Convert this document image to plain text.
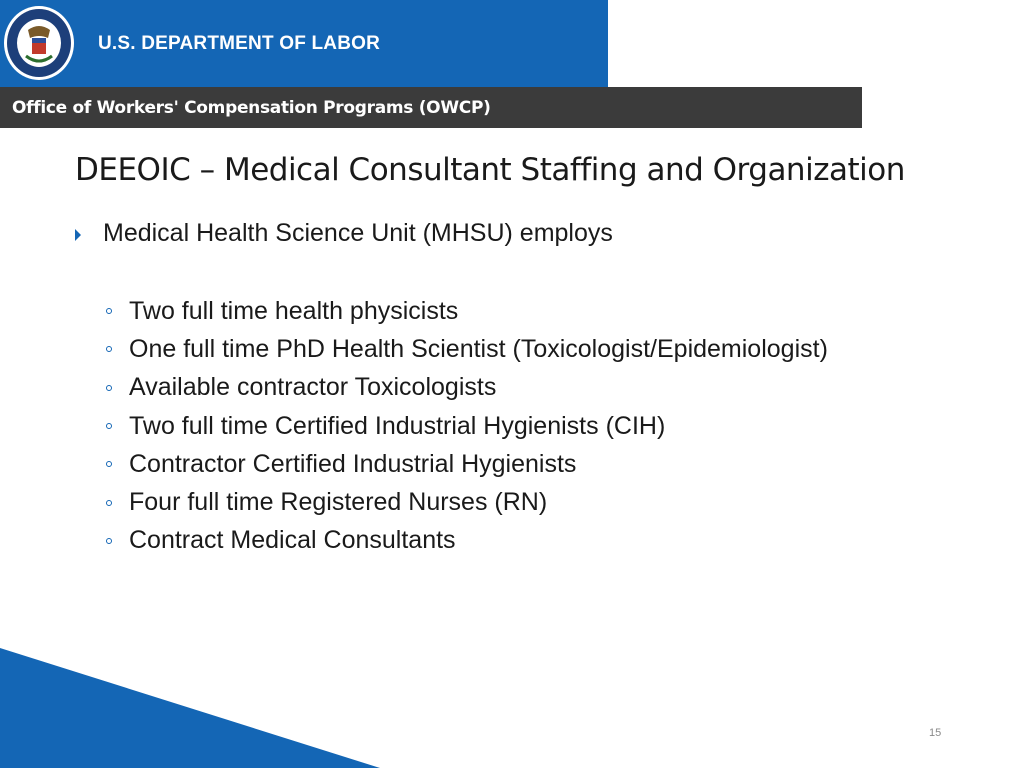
U.S. DEPARTMENT OF LABOR
Office of Workers' Compensation Programs (OWCP)
DEEOIC – Medical Consultant Staffing and Organization
Medical Health Science Unit (MHSU) employs
Two full time health physicists
One full time PhD Health Scientist (Toxicologist/Epidemiologist)
Available contractor Toxicologists
Two full time Certified Industrial Hygienists (CIH)
Contractor Certified Industrial Hygienists
Four full time Registered Nurses (RN)
Contract Medical Consultants
15
